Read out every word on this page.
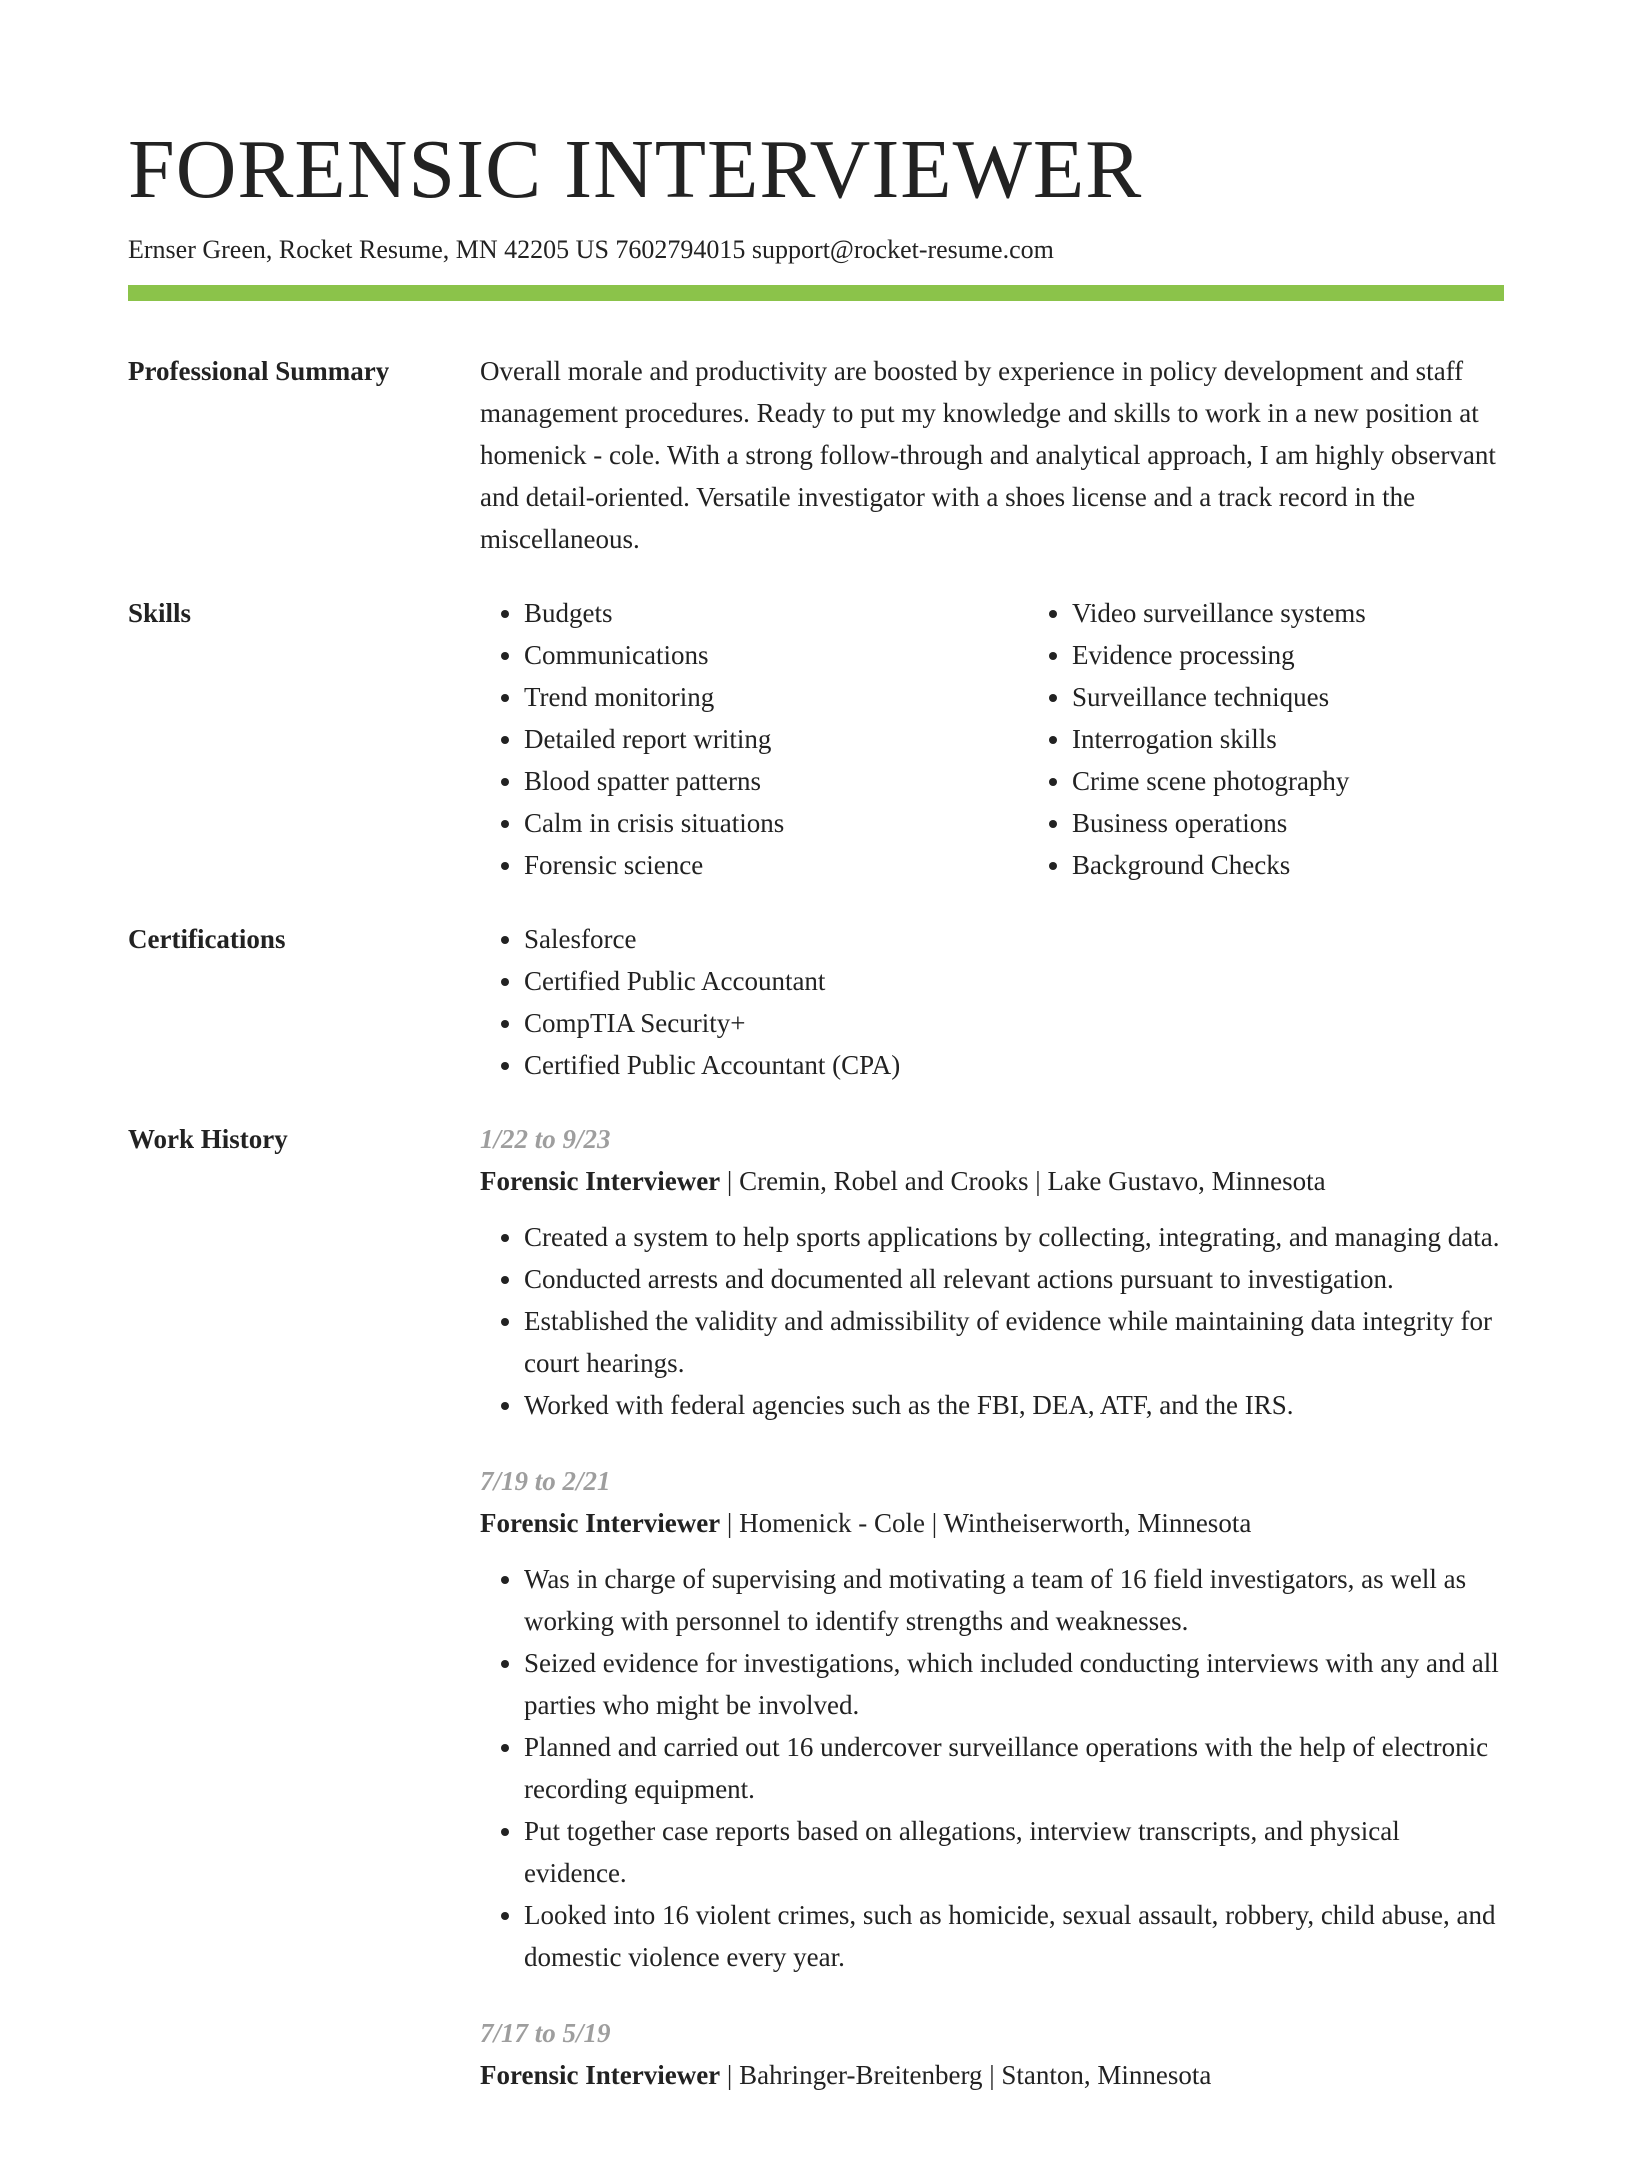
FORENSIC INTERVIEWER
Ernser Green, Rocket Resume, MN 42205 US 7602794015 support@rocket-resume.com
Professional Summary	Overall morale and productivity are boosted by experience in policy development and staff management procedures. Ready to put my knowledge and skills to work in a new position at homenick - cole. With a strong follow-through and analytical approach, I am highly observant and detail-oriented. Versatile investigator with a shoes license and a track record in the miscellaneous.

Skills	• Budgets
• Communications
• Trend monitoring
• Detailed report writing
• Blood spatter patterns
• Calm in crisis situations
• Forensic science
• Video surveillance systems
• Evidence processing
• Surveillance techniques
• Interrogation skills
• Crime scene photography
• Business operations
• Background Checks
Certifications	• Salesforce
• Certified Public Accountant
• CompTIA Security+
• Certified Public Accountant (CPA)
Work History	1/22 to 9/23
Forensic Interviewer | Cremin, Robel and Crooks | Lake Gustavo, Minnesota
• Created a system to help sports applications by collecting, integrating, and managing data.
• Conducted arrests and documented all relevant actions pursuant to investigation.
• Established the validity and admissibility of evidence while maintaining data integrity for court hearings.
• Worked with federal agencies such as the FBI, DEA, ATF, and the IRS.
7/19 to 2/21
Forensic Interviewer | Homenick - Cole | Wintheiserworth, Minnesota
• Was in charge of supervising and motivating a team of 16 field investigators, as well as working with personnel to identify strengths and weaknesses.
• Seized evidence for investigations, which included conducting interviews with any and all parties who might be involved.
• Planned and carried out 16 undercover surveillance operations with the help of electronic recording equipment.
• Put together case reports based on allegations, interview transcripts, and physical evidence.
• Looked into 16 violent crimes, such as homicide, sexual assault, robbery, child abuse, and domestic violence every year.
7/17 to 5/19
Forensic Interviewer | Bahringer-Breitenberg | Stanton, Minnesota
